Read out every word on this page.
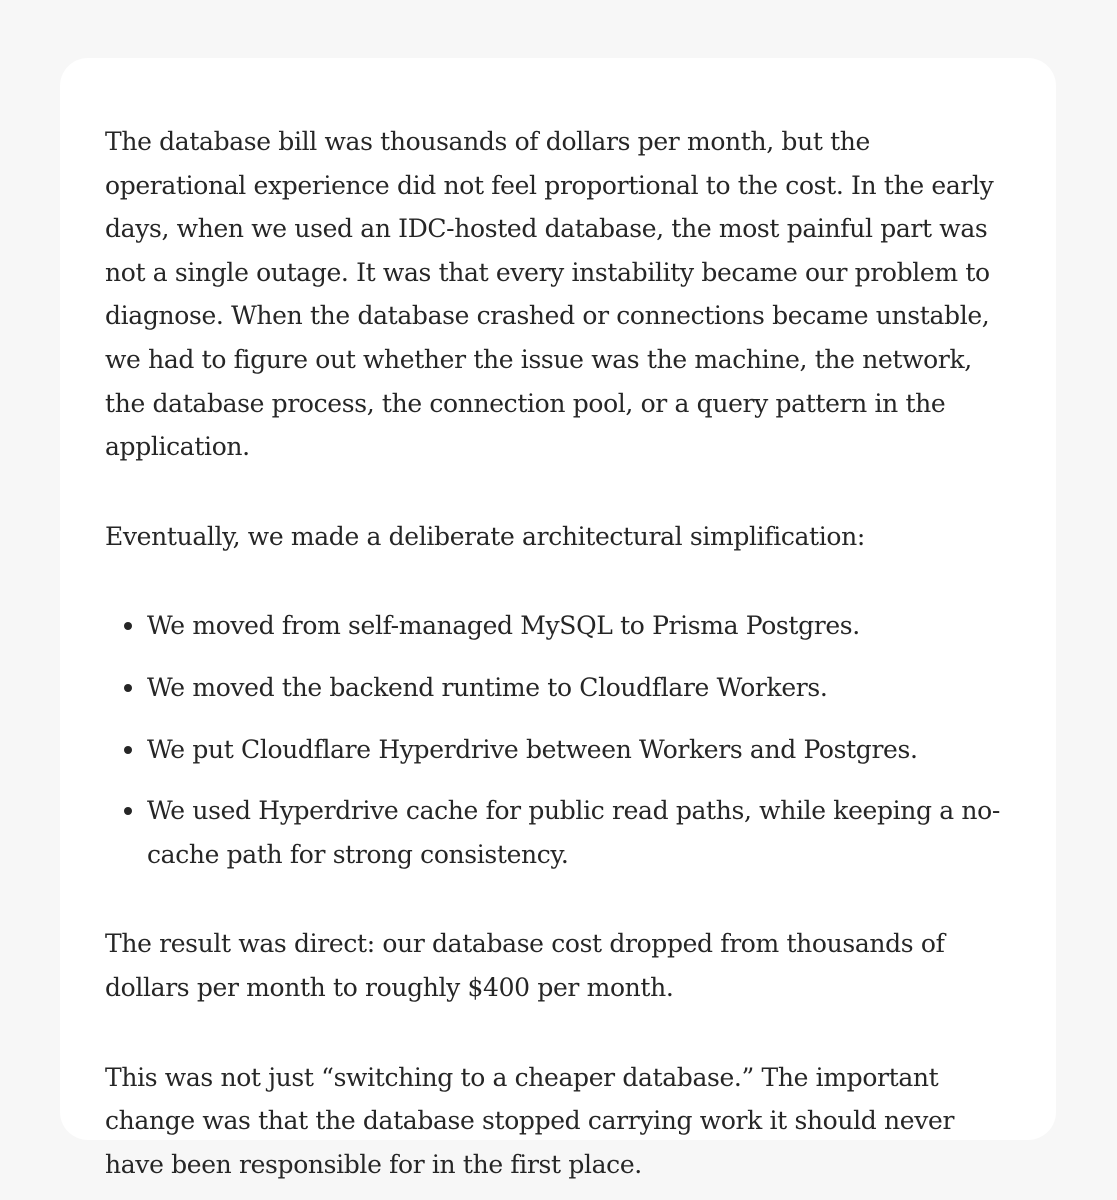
The database bill was thousands of dollars per month, but the operational experience did not feel proportional to the cost. In the early days, when we used an IDC-hosted database, the most painful part was not a single outage. It was that every instability became our problem to diagnose. When the database crashed or connections became unstable, we had to figure out whether the issue was the machine, the network, the database process, the connection pool, or a query pattern in the application.

Eventually, we made a deliberate architectural simplification:

We moved from self-managed MySQL to Prisma Postgres.
We moved the backend runtime to Cloudflare Workers.
We put Cloudflare Hyperdrive between Workers and Postgres.
We used Hyperdrive cache for public read paths, while keeping a no-cache path for strong consistency.

The result was direct: our database cost dropped from thousands of dollars per month to roughly $400 per month.

This was not just “switching to a cheaper database.” The important change was that the database stopped carrying work it should never have been responsible for in the first place.
